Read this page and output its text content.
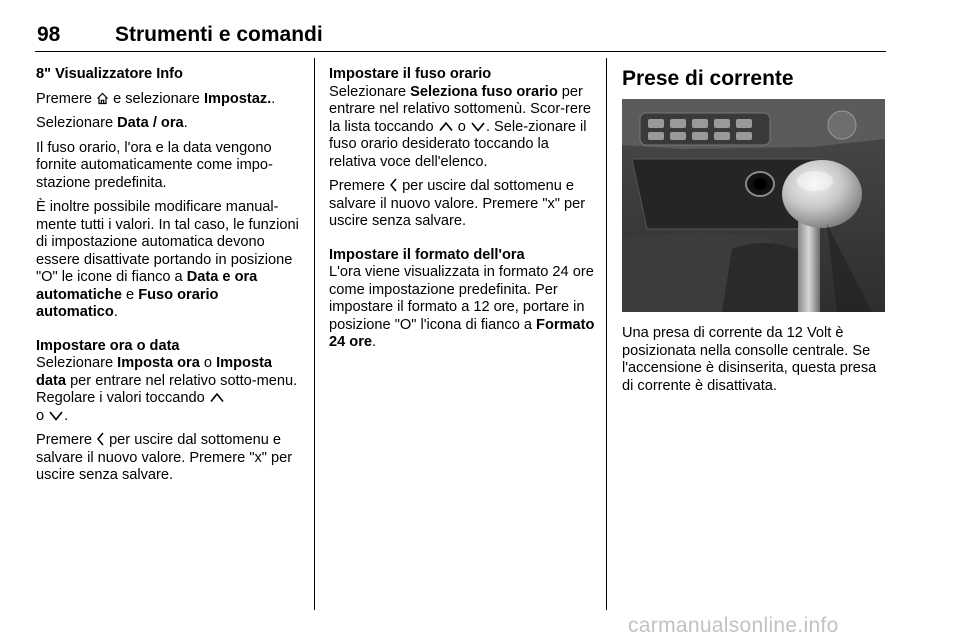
98	Strumenti e comandi

8" Visualizzatore Info

Premere  e selezionare Impostaz..

Selezionare Data / ora.

Il fuso orario, l'ora e la data vengono fornite automaticamente come impo-stazione predefinita.

È inoltre possibile modificare manual-mente tutti i valori. In tal caso, le funzioni di impostazione automatica devono essere disattivate portando in posizione "O" le icone di fianco a Data e ora automatiche e Fuso orario automatico.

Impostare ora o data

Selezionare Imposta ora o Imposta data per entrare nel relativo sotto-menu. Regolare i valori toccando
o .

Premere  per uscire dal sottomenu e salvare il nuovo valore. Premere "x" per uscire senza salvare.

Impostare il fuso orario

Selezionare Seleziona fuso orario per entrare nel relativo sottomenù. Scor-rere la lista toccando  o . Sele-zionare il fuso orario desiderato toccando la relativa voce dell'elenco.

Premere  per uscire dal sottomenu e salvare il nuovo valore. Premere "x" per uscire senza salvare.

Impostare il formato dell'ora

L'ora viene visualizzata in formato 24 ore come impostazione predefinita. Per impostare il formato a 12 ore, portare in posizione "O" l'icona di fianco a Formato 24 ore.

Prese di corrente

Una presa di corrente da 12 Volt è posizionata nella consolle centrale. Se l'accensione è disinserita, questa presa di corrente è disattivata.

carmanualsonline.info
